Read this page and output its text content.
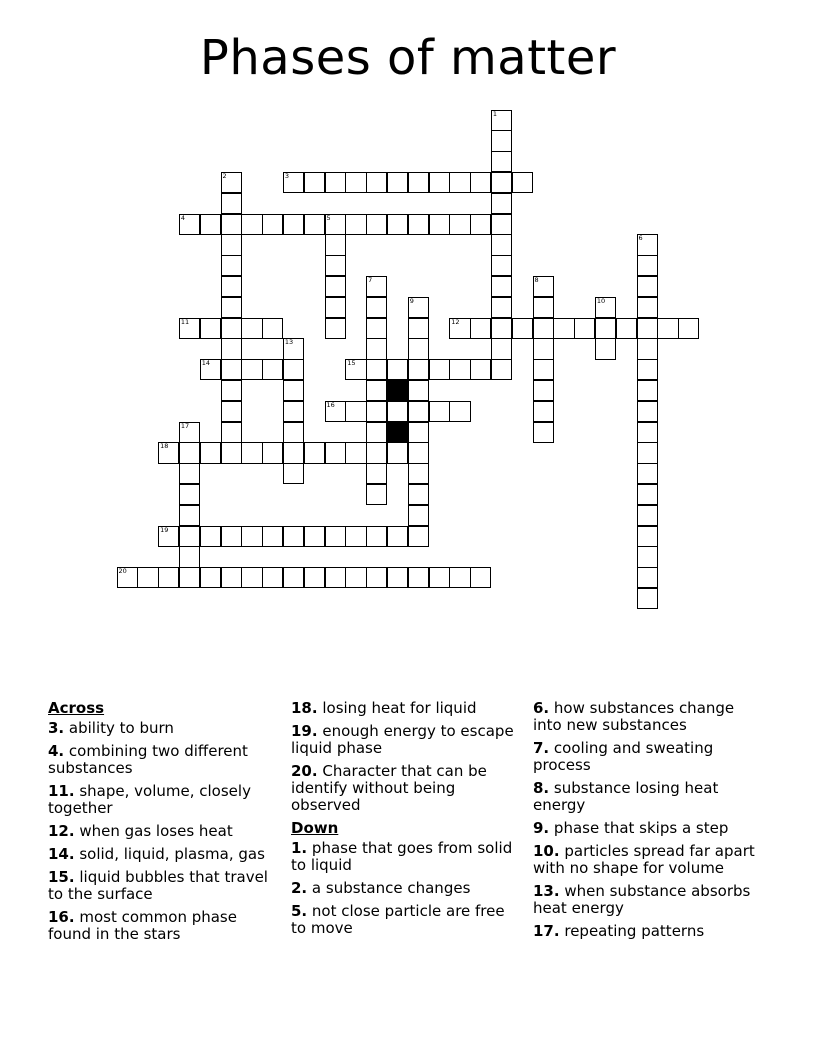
Phases of matter
1
2	3
4	5
6
7	8
9	10
11	12
13
14	15
16
17
18
19
20
Across
3. ability to burn
4. combining two different substances
11. shape, volume, closely together
12. when gas loses heat
14. solid, liquid, plasma, gas
15. liquid bubbles that travel to the surface
16. most common phase found in the stars
18. losing heat for liquid
19. enough energy to escape liquid phase
20. Character that can be identify without being observed
Down
1. phase that goes from solid to liquid
2. a substance changes
5. not close particle are free to move
6. how substances change into new substances
7. cooling and sweating process
8. substance losing heat energy
9. phase that skips a step
10. particles spread far apart with no shape for volume
13. when substance absorbs heat energy
17. repeating patterns
